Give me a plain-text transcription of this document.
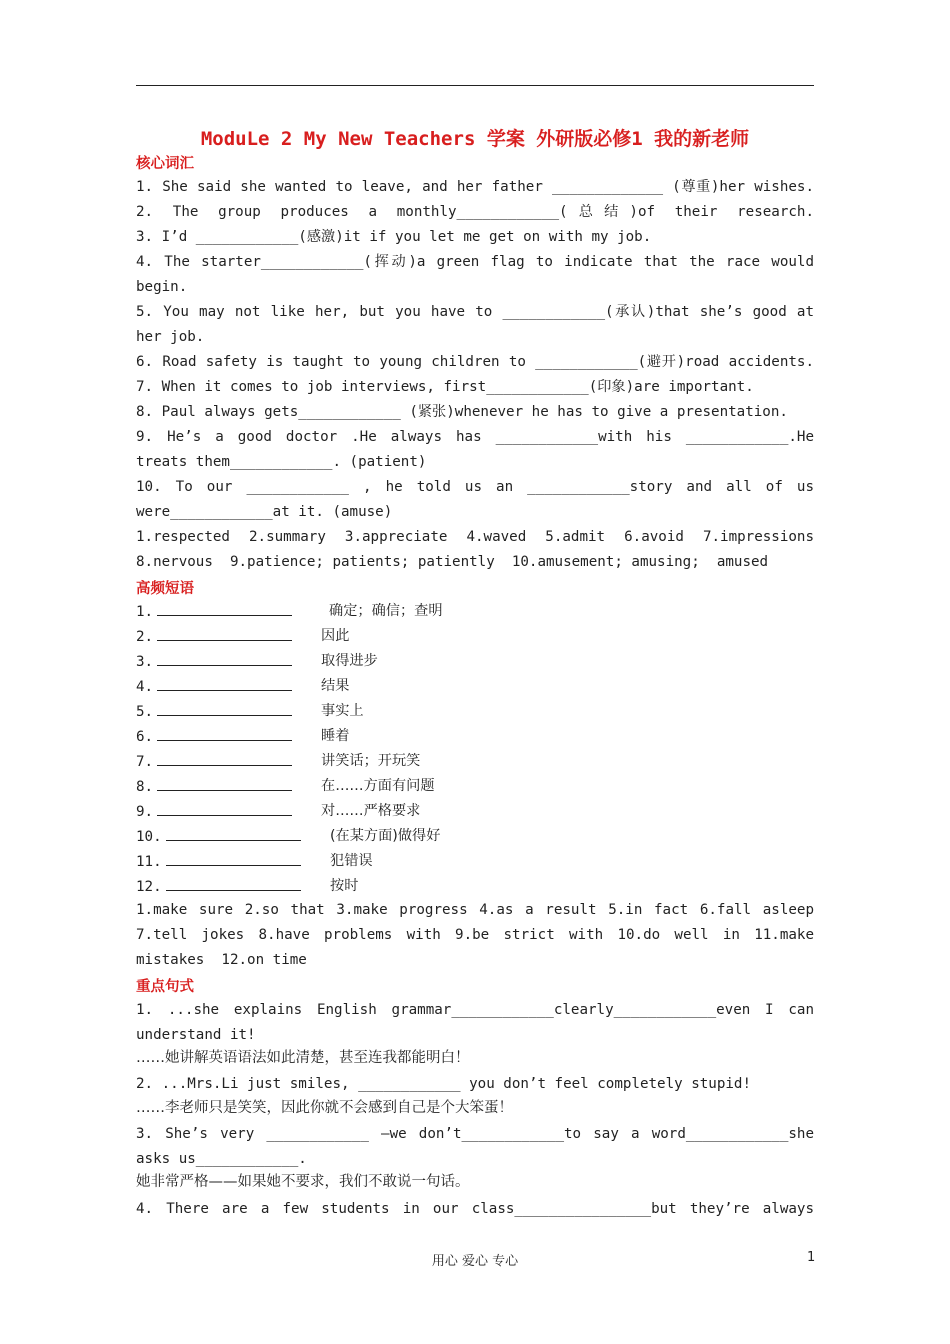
ModuLe 2 My New Teachers 学案 外研版必修1 我的新老师
核心词汇
1. She said she wanted to leave, and her father _____________ (尊重)her wishes.
2. The group produces a monthly____________(总结)of their research.
3. I’d ____________(感激)it if you let me get on with my job.
4. The starter____________(挥动)a green flag to indicate that the race would
begin.
5. You may not like her, but you have to ____________(承认)that she’s good at
her job.
6. Road safety is taught to young children to ____________(避开)road accidents.
7. When it comes to job interviews, first____________(印象)are important.
8. Paul always gets____________ (紧张)whenever he has to give a presentation.
9. He’s a good doctor .He always has ____________with his ____________.He
treats them____________. (patient)
10. To our ____________ , he told us an ____________story and all of us
were____________at it. (amuse)
1.respected 2.summary 3.appreciate 4.waved 5.admit 6.avoid 7.impressions
8.nervous  9.patience; patients; patiently  10.amusement; amusing;  amused
高频短语
1.	确定；确信；查明
2.	因此
3.	取得进步
4.	结果
5.	事实上
6.	睡着
7.	讲笑话；开玩笑
8.	在……方面有问题
9.	对……严格要求
10.	(在某方面)做得好
11.	犯错误
12.	按时
1.make sure 2.so that 3.make progress 4.as a result 5.in fact 6.fall asleep
7.tell jokes 8.have problems with 9.be strict with 10.do well in 11.make
mistakes  12.on time
重点句式
1. ...she explains English grammar____________clearly____________even I can
understand it!
……她讲解英语语法如此清楚，甚至连我都能明白！
2. ...Mrs.Li just smiles, ____________ you don’t feel completely stupid!
……李老师只是笑笑，因此你就不会感到自己是个大笨蛋！
3. She’s very ____________ —we don’t____________to say a word____________she
asks us____________.
她非常严格——如果她不要求，我们不敢说一句话。
4. There are a few students in our class________________but they’re always
用心 爱心 专心	1
